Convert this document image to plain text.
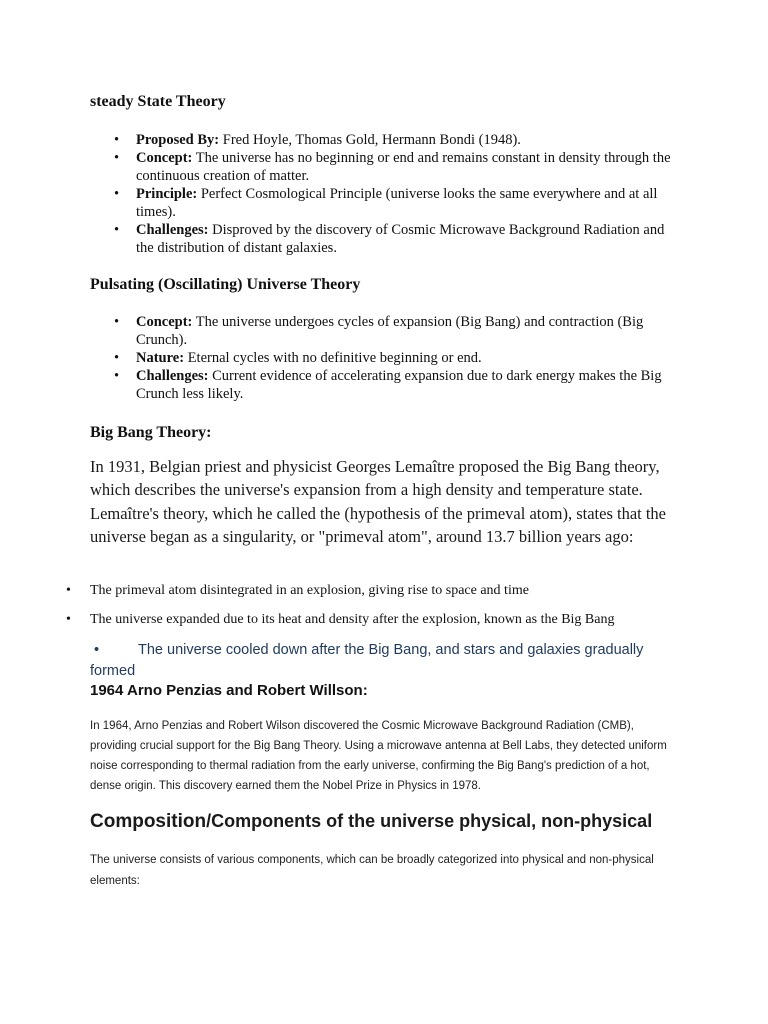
steady State Theory
• Proposed By: Fred Hoyle, Thomas Gold, Hermann Bondi (1948).
• Concept: The universe has no beginning or end and remains constant in density through the continuous creation of matter.
• Principle: Perfect Cosmological Principle (universe looks the same everywhere and at all times).
• Challenges: Disproved by the discovery of Cosmic Microwave Background Radiation and the distribution of distant galaxies.
Pulsating (Oscillating) Universe Theory
• Concept: The universe undergoes cycles of expansion (Big Bang) and contraction (Big Crunch).
• Nature: Eternal cycles with no definitive beginning or end.
• Challenges: Current evidence of accelerating expansion due to dark energy makes the Big Crunch less likely.
Big Bang Theory:

In 1931, Belgian priest and physicist Georges Lemaître proposed the Big Bang theory, which describes the universe's expansion from a high density and temperature state. Lemaître's theory, which he called the (hypothesis of the primeval atom), states that the universe began as a singularity, or "primeval atom", around 13.7 billion years ago:

• The primeval atom disintegrated in an explosion, giving rise to space and time
• The universe expanded due to its heat and density after the explosion, known as the Big Bang

•	The universe cooled down after the Big Bang, and stars and galaxies gradually formed

1964 Arno Penzias and Robert Willson:

In 1964, Arno Penzias and Robert Wilson discovered the Cosmic Microwave Background Radiation (CMB), providing crucial support for the Big Bang Theory. Using a microwave antenna at Bell Labs, they detected uniform noise corresponding to thermal radiation from the early universe, confirming the Big Bang's prediction of a hot, dense origin. This discovery earned them the Nobel Prize in Physics in 1978.

Composition/Components of the universe physical, non-physical

The universe consists of various components, which can be broadly categorized into physical and non-physical elements:
